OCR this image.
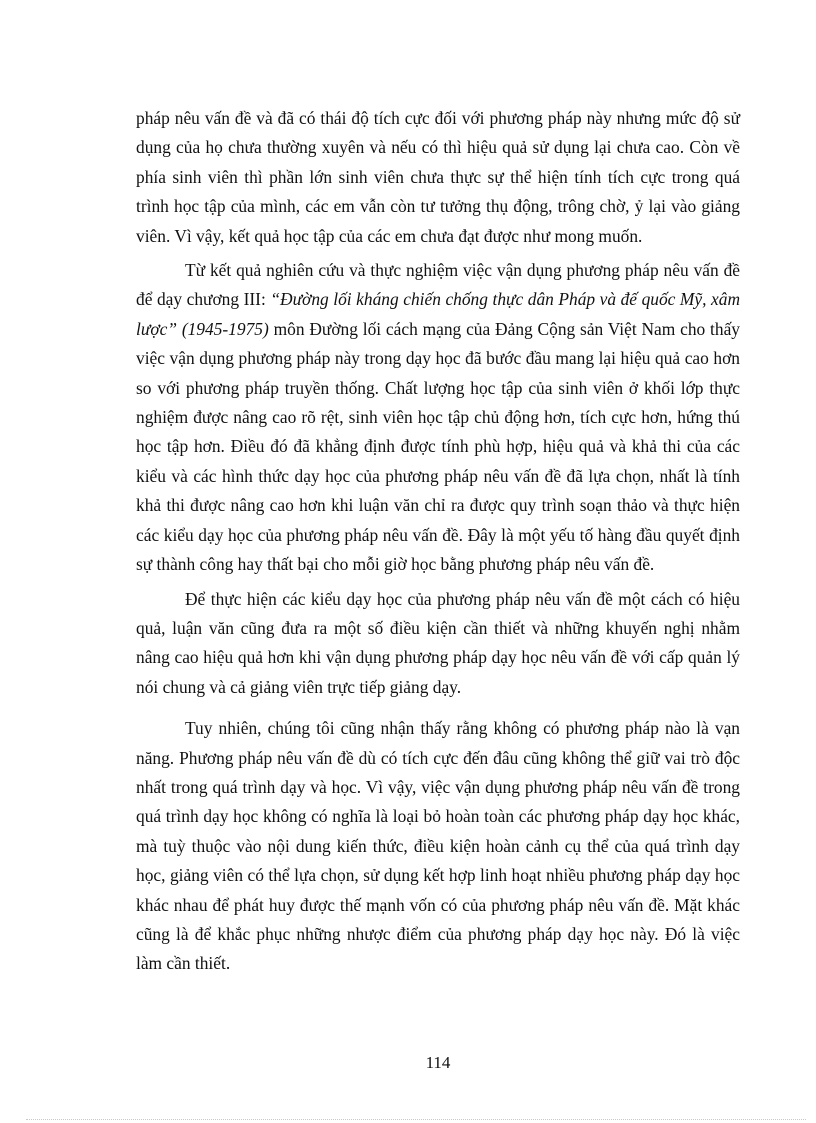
pháp nêu vấn đề và đã có thái độ tích cực đối với phương pháp này nhưng mức độ sử dụng của họ chưa thường xuyên và nếu có thì hiệu quả sử dụng lại chưa cao. Còn về phía sinh viên thì phần lớn sinh viên chưa thực sự thể hiện tính tích cực trong quá trình học tập của mình, các em vẫn còn tư tưởng thụ động, trông chờ, ỷ lại vào giảng viên. Vì vậy, kết quả học tập của các em chưa đạt được như mong muốn.

Từ kết quả nghiên cứu và thực nghiệm việc vận dụng phương pháp nêu vấn đề để dạy chương III: “Đường lối kháng chiến chống thực dân Pháp và đế quốc Mỹ, xâm lược” (1945-1975) môn Đường lối cách mạng của Đảng Cộng sản Việt Nam cho thấy việc vận dụng phương pháp này trong dạy học đã bước đầu mang lại hiệu quả cao hơn so với phương pháp truyền thống. Chất lượng học tập của sinh viên ở khối lớp thực nghiệm được nâng cao rõ rệt, sinh viên học tập chủ động hơn, tích cực hơn, hứng thú học tập hơn. Điều đó đã khẳng định được tính phù hợp, hiệu quả và khả thi của các kiểu và các hình thức dạy học của phương pháp nêu vấn đề đã lựa chọn, nhất là tính khả thi được nâng cao hơn khi luận văn chỉ ra được quy trình soạn thảo và thực hiện các kiểu dạy học của phương pháp nêu vấn đề. Đây là một yếu tố hàng đầu quyết định sự thành công hay thất bại cho mỗi giờ học bằng phương pháp nêu vấn đề.

Để thực hiện các kiểu dạy học của phương pháp nêu vấn đề một cách có hiệu quả, luận văn cũng đưa ra một số điều kiện cần thiết và những khuyến nghị nhằm nâng cao hiệu quả hơn khi vận dụng phương pháp dạy học nêu vấn đề với cấp quản lý nói chung và cả giảng viên trực tiếp giảng dạy.

Tuy nhiên, chúng tôi cũng nhận thấy rằng không có phương pháp nào là vạn năng. Phương pháp nêu vấn đề dù có tích cực đến đâu cũng không thể giữ vai trò độc nhất trong quá trình dạy và học. Vì vậy, việc vận dụng phương pháp nêu vấn đề trong quá trình dạy học không có nghĩa là loại bỏ hoàn toàn các phương pháp dạy học khác, mà tuỳ thuộc vào nội dung kiến thức, điều kiện hoàn cảnh cụ thể của quá trình dạy học, giảng viên có thể lựa chọn, sử dụng kết hợp linh hoạt nhiều phương pháp dạy học khác nhau để phát huy được thế mạnh vốn có của phương pháp nêu vấn đề. Mặt khác cũng là để khắc phục những nhược điểm của phương pháp dạy học này. Đó là việc làm cần thiết.

114
